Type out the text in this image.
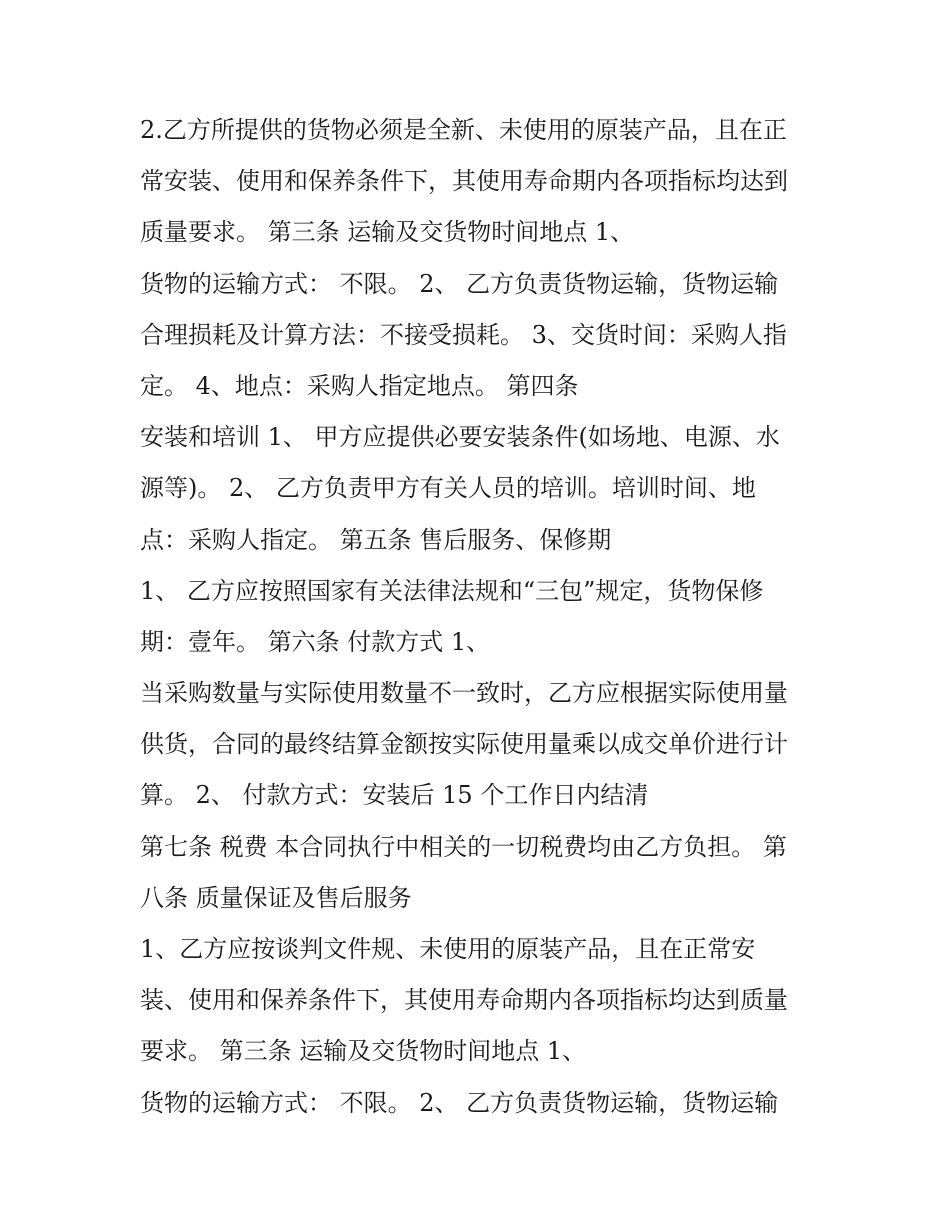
2.乙方所提供的货物必须是全新、未使用的原装产品，且在正
常安装、使用和保养条件下，其使用寿命期内各项指标均达到
质量要求。 第三条 运输及交货物时间地点 1、
货物的运输方式： 不限。 2、 乙方负责货物运输，货物运输
合理损耗及计算方法：不接受损耗。 3、交货时间：采购人指
定。 4、地点：采购人指定地点。 第四条
安装和培训 1、 甲方应提供必要安装条件(如场地、电源、水
源等)。 2、 乙方负责甲方有关人员的培训。培训时间、地
点：采购人指定。 第五条 售后服务、保修期
1、 乙方应按照国家有关法律法规和“三包”规定，货物保修
期：壹年。 第六条 付款方式 1、
当采购数量与实际使用数量不一致时，乙方应根据实际使用量
供货，合同的最终结算金额按实际使用量乘以成交单价进行计
算。 2、 付款方式：安装后 15 个工作日内结清
第七条 税费 本合同执行中相关的一切税费均由乙方负担。 第
八条 质量保证及售后服务
1、乙方应按谈判文件规、未使用的原装产品，且在正常安
装、使用和保养条件下，其使用寿命期内各项指标均达到质量
要求。 第三条 运输及交货物时间地点 1、
货物的运输方式： 不限。 2、 乙方负责货物运输，货物运输
